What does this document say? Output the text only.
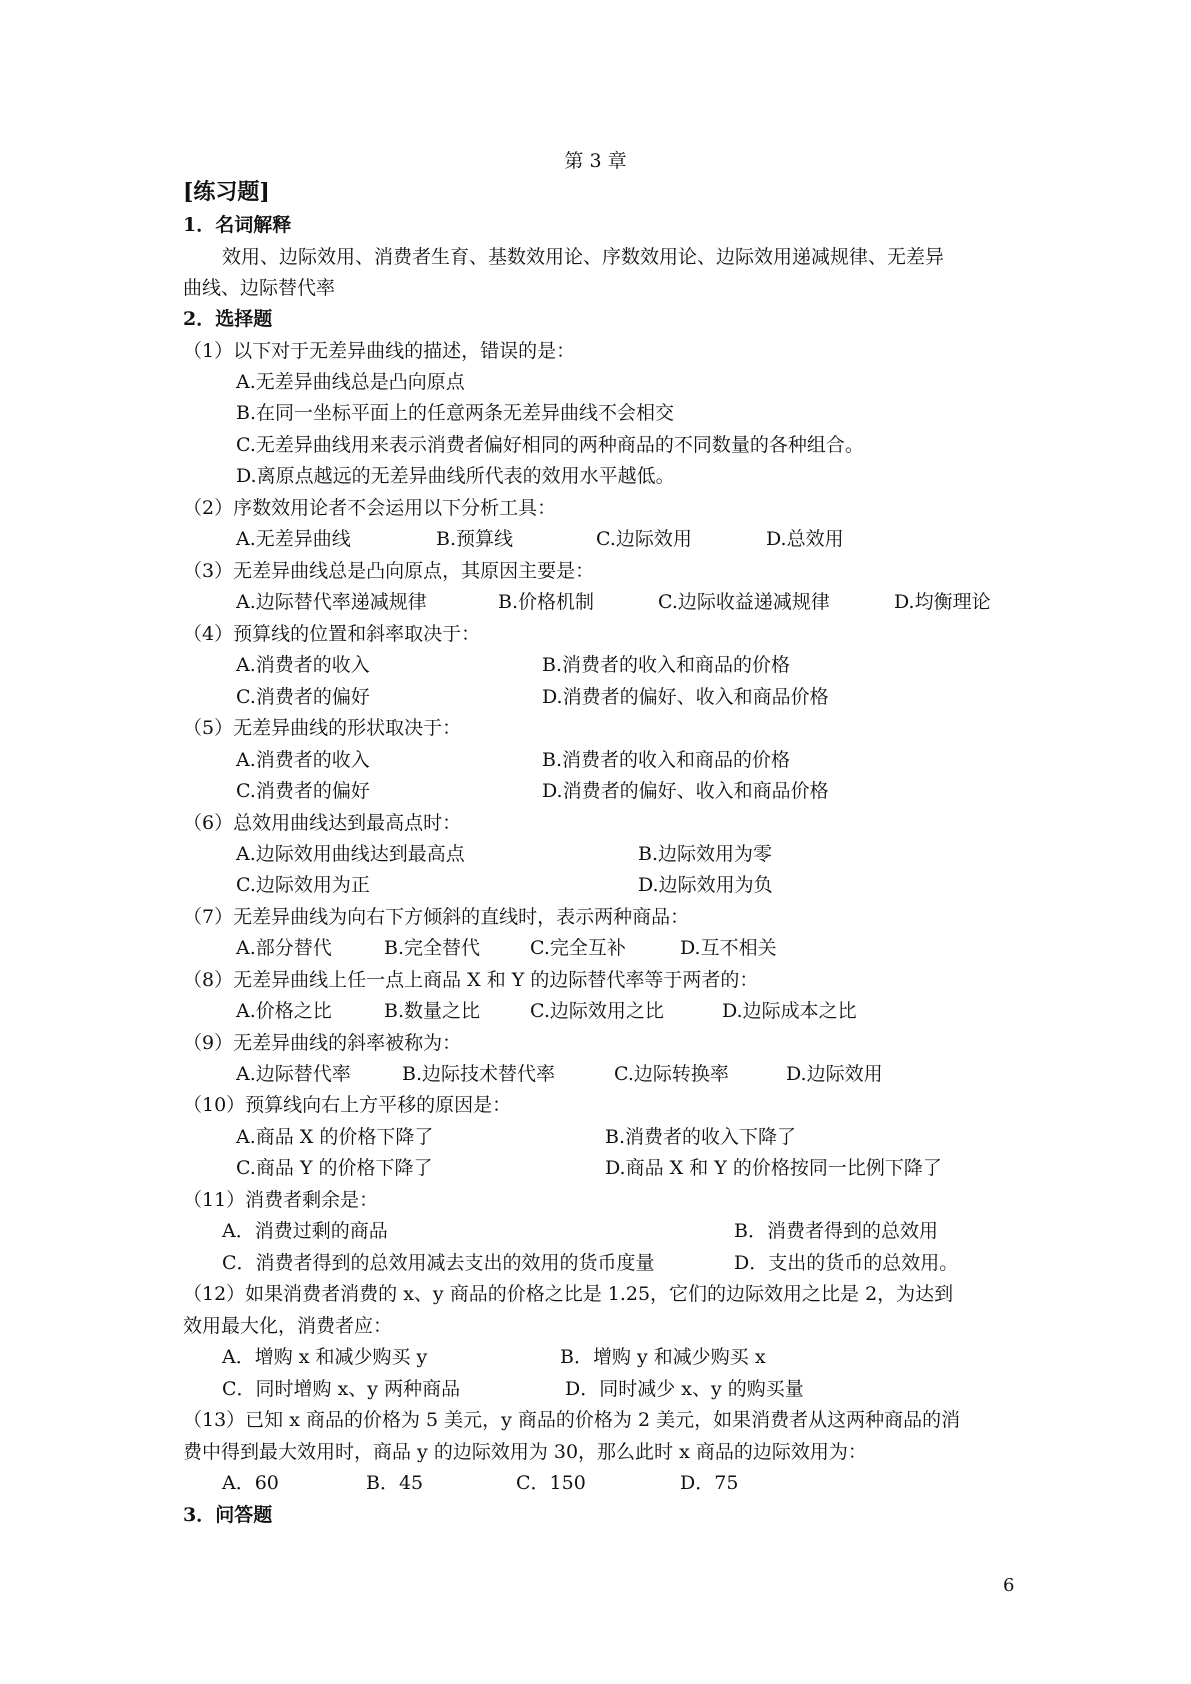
第 3 章
[练习题]
1．名词解释
效用、边际效用、消费者生育、基数效用论、序数效用论、边际效用递减规律、无差异
曲线、边际替代率
2．选择题
（1）以下对于无差异曲线的描述，错误的是：
A.无差异曲线总是凸向原点
B.在同一坐标平面上的任意两条无差异曲线不会相交
C.无差异曲线用来表示消费者偏好相同的两种商品的不同数量的各种组合。
D.离原点越远的无差异曲线所代表的效用水平越低。
（2）序数效用论者不会运用以下分析工具：
A.无差异曲线	B.预算线	C.边际效用	D.总效用
（3）无差异曲线总是凸向原点，其原因主要是：
A.边际替代率递减规律	B.价格机制	C.边际收益递减规律	D.均衡理论
（4）预算线的位置和斜率取决于：
A.消费者的收入	B.消费者的收入和商品的价格
C.消费者的偏好	D.消费者的偏好、收入和商品价格
（5）无差异曲线的形状取决于：
A.消费者的收入	B.消费者的收入和商品的价格
C.消费者的偏好	D.消费者的偏好、收入和商品价格
（6）总效用曲线达到最高点时：
A.边际效用曲线达到最高点	B.边际效用为零
C.边际效用为正	D.边际效用为负
（7）无差异曲线为向右下方倾斜的直线时，表示两种商品：
A.部分替代	B.完全替代	C.完全互补	D.互不相关
（8）无差异曲线上任一点上商品 X 和 Y 的边际替代率等于两者的：
A.价格之比	B.数量之比	C.边际效用之比	D.边际成本之比
（9）无差异曲线的斜率被称为：
A.边际替代率	B.边际技术替代率	C.边际转换率	D.边际效用
（10）预算线向右上方平移的原因是：
A.商品 X 的价格下降了	B.消费者的收入下降了
C.商品 Y 的价格下降了	D.商品 X 和 Y 的价格按同一比例下降了
（11）消费者剩余是：
A．消费过剩的商品	B．消费者得到的总效用
C．消费者得到的总效用减去支出的效用的货币度量	D．支出的货币的总效用。
（12）如果消费者消费的 x、y 商品的价格之比是 1.25，它们的边际效用之比是 2，为达到
效用最大化，消费者应：
A．增购 x 和减少购买 y	B．增购 y 和减少购买 x
C．同时增购 x、y 两种商品	D．同时减少 x、y 的购买量
（13）已知 x 商品的价格为 5 美元，y 商品的价格为 2 美元，如果消费者从这两种商品的消
费中得到最大效用时，商品 y 的边际效用为 30，那么此时 x 商品的边际效用为：
A．60	B．45	C．150	D．75
3．问答题
6
